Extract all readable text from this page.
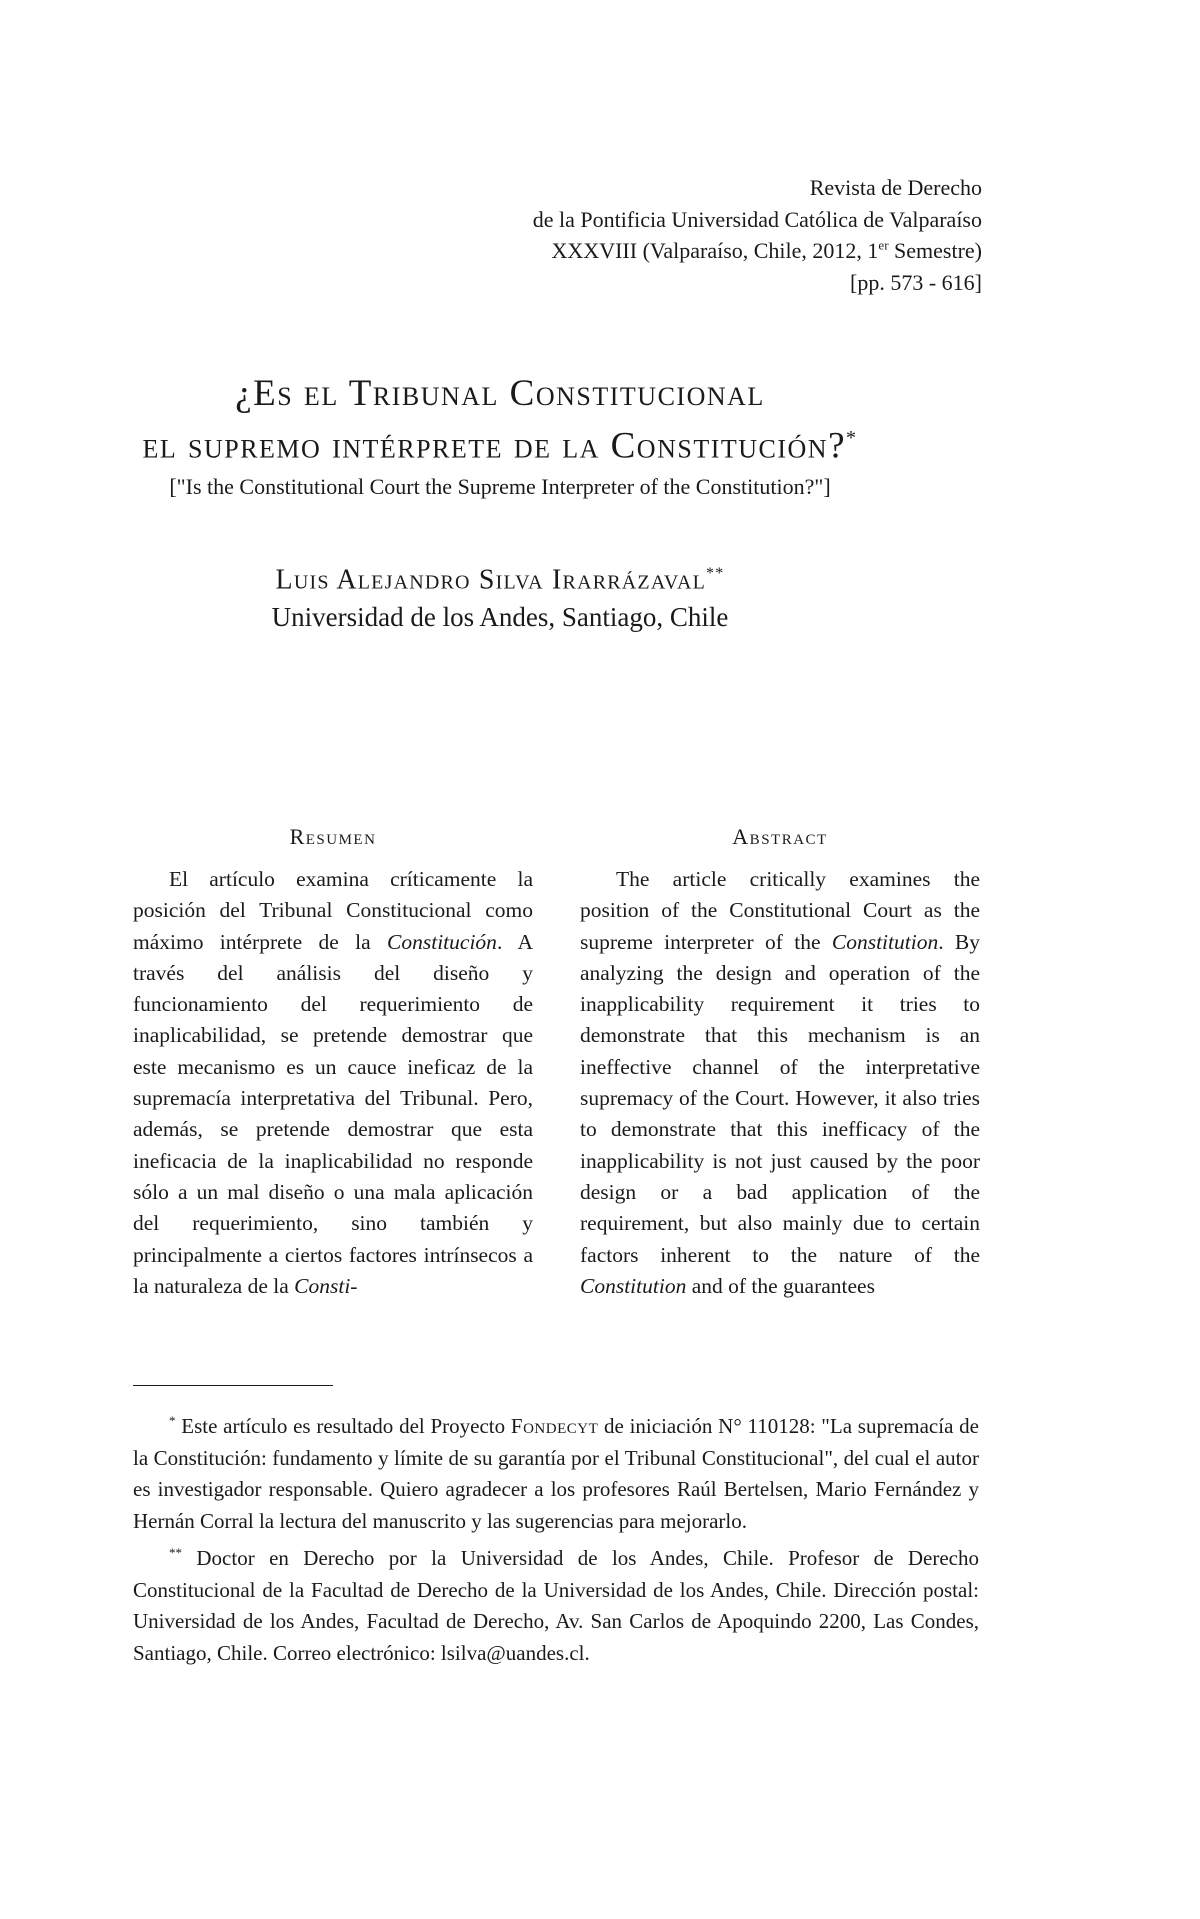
Revista de Derecho
de la Pontificia Universidad Católica de Valparaíso
XXXVIII (Valparaíso, Chile, 2012, 1er Semestre)
[pp. 573 - 616]
¿Es el Tribunal Constitucional
el supremo intérprete de la Constitución?*
["Is the Constitutional Court the Supreme Interpreter of the Constitution?"]
Luis Alejandro Silva Irarrázaval**
Universidad de los Andes, Santiago, Chile
Resumen
El artículo examina críticamente la posición del Tribunal Constitucional como máximo intérprete de la Constitución. A través del análisis del diseño y funcionamiento del requerimiento de inaplicabilidad, se pretende demostrar que este mecanismo es un cauce ineficaz de la supremacía interpretativa del Tribunal. Pero, además, se pretende demostrar que esta ineficacia de la inaplicabilidad no responde sólo a un mal diseño o una mala aplicación del requerimiento, sino también y principalmente a ciertos factores intrínsecos a la naturaleza de la Consti-
Abstract
The article critically examines the position of the Constitutional Court as the supreme interpreter of the Constitution. By analyzing the design and operation of the inapplicability requirement it tries to demonstrate that this mechanism is an ineffective channel of the interpretative supremacy of the Court. However, it also tries to demonstrate that this inefficacy of the inapplicability is not just caused by the poor design or a bad application of the requirement, but also mainly due to certain factors inherent to the nature of the Constitution and of the guarantees

* Este artículo es resultado del Proyecto Fondecyt de iniciación N° 110128: "La supremacía de la Constitución: fundamento y límite de su garantía por el Tribunal Constitucional", del cual el autor es investigador responsable. Quiero agradecer a los profesores Raúl Bertelsen, Mario Fernández y Hernán Corral la lectura del manuscrito y las sugerencias para mejorarlo.

** Doctor en Derecho por la Universidad de los Andes, Chile. Profesor de Derecho Constitucional de la Facultad de Derecho de la Universidad de los Andes, Chile. Dirección postal: Universidad de los Andes, Facultad de Derecho, Av. San Carlos de Apoquindo 2200, Las Condes, Santiago, Chile. Correo electrónico: lsilva@uandes.cl.
